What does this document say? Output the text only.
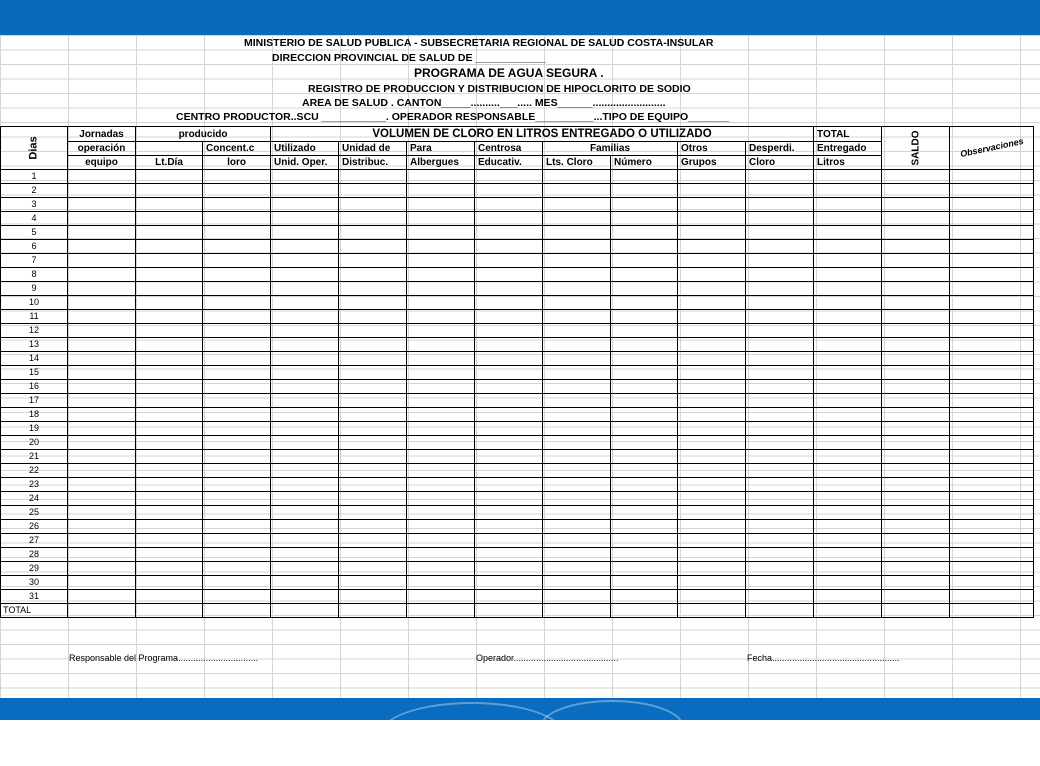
MINISTERIO DE SALUD PUBLICA - SUBSECRETARIA REGIONAL DE SALUD COSTA-INSULAR
DIRECCION PROVINCIAL DE SALUD DE ____________
PROGRAMA DE AGUA SEGURA .
REGISTRO DE PRODUCCION Y DISTRIBUCION DE HIPOCLORITO DE SODIO
AREA DE SALUD . CANTON_____..........___..... MES______.........................
CENTRO PRODUCTOR..SCU ___________. OPERADOR RESPONSABLE__________...TIPO DE EQUIPO_______
Dias	Jornadas	producido		VOLUMEN DE CLORO EN LITROS ENTREGADO O UTILIZADO								TOTAL	SALDO	Observaciones

	operación		Concent.c	Utilizado	Unidad de	Para	Centrosa	Familias		Otros	Desperdi.	Entregado		
	equipo	Lt.Día	loro	Unid. Oper.	Distribuc.	Albergues	Educativ.	Lts. Cloro	Número	Grupos	Cloro	Litros		
1														
2														
3														
4														
5														
6														
7														
8														
9														
10														
11														
12														
13														
14														
15														
16														
17														
18														
19														
20														
21														
22														
23														
24														
25														
26														
27														
28														
29														
30														
31														
TOTAL														
Responsable del Programa................................	Operador..........................................	Fecha...................................................
